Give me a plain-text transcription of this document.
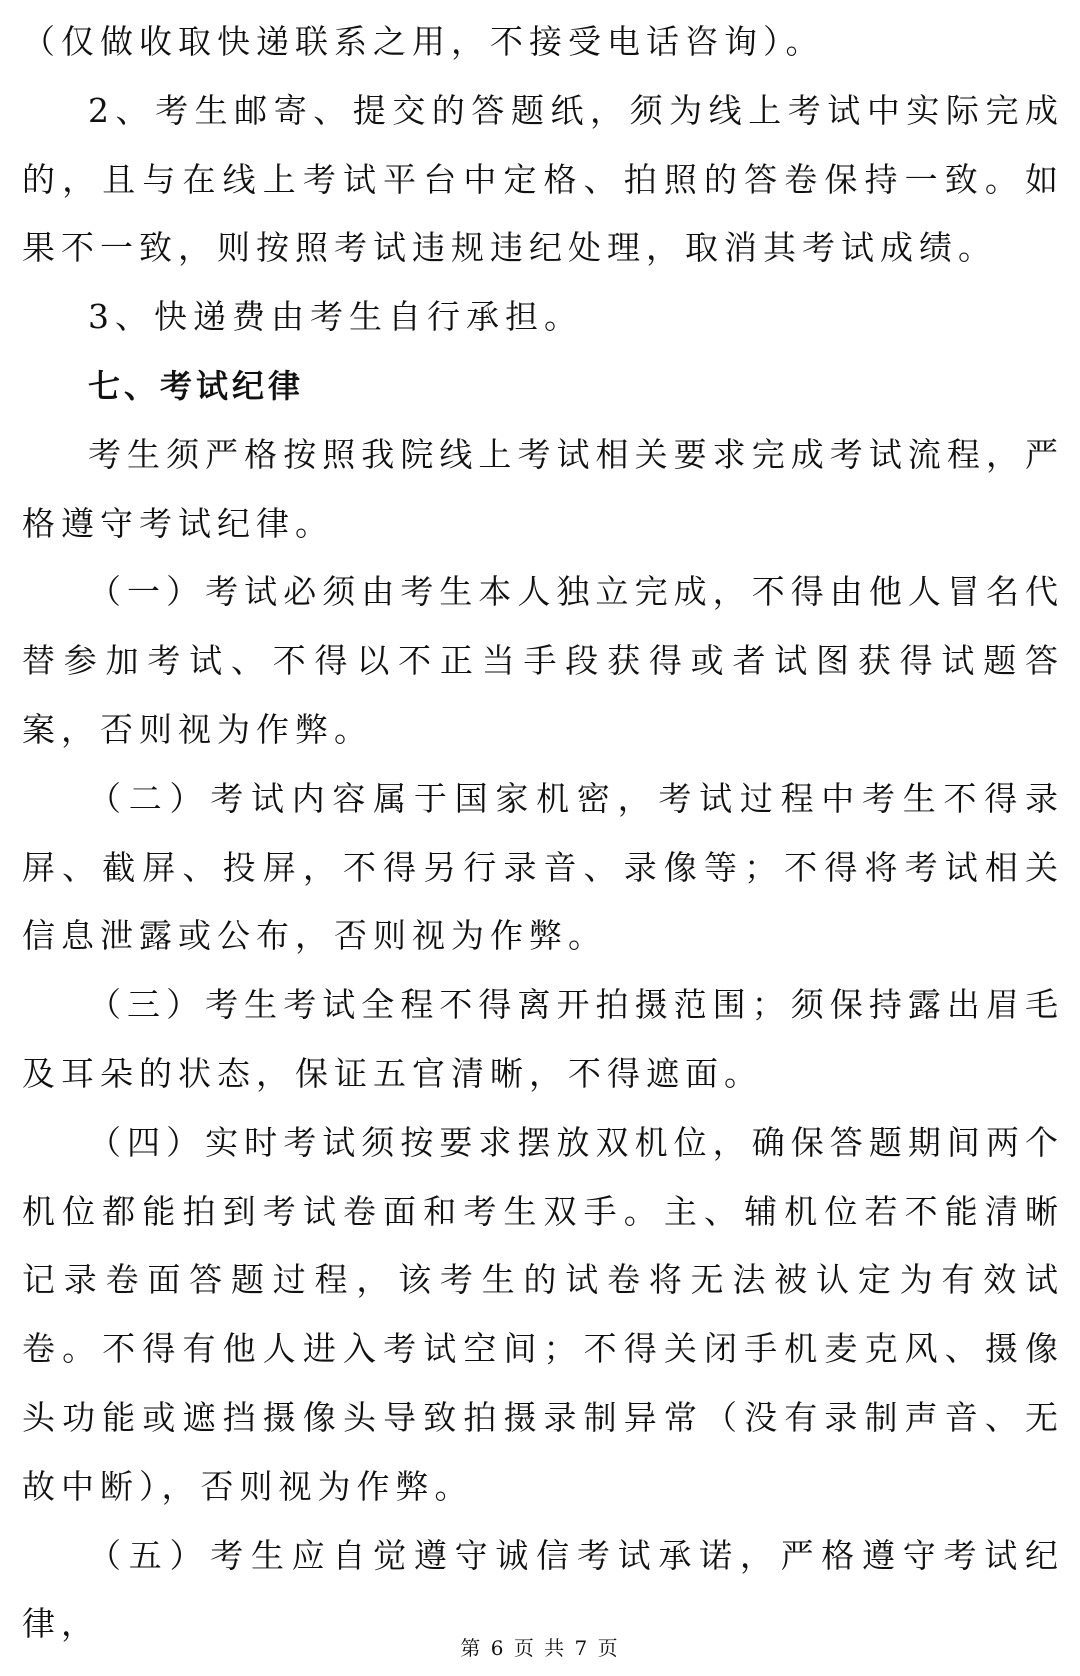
（仅做收取快递联系之用，不接受电话咨询）。

2、考生邮寄、提交的答题纸，须为线上考试中实际完成的，且与在线上考试平台中定格、拍照的答卷保持一致。如果不一致，则按照考试违规违纪处理，取消其考试成绩。

3、快递费由考生自行承担。

七、考试纪律

考生须严格按照我院线上考试相关要求完成考试流程，严格遵守考试纪律。

（一）考试必须由考生本人独立完成，不得由他人冒名代替参加考试、不得以不正当手段获得或者试图获得试题答案，否则视为作弊。

（二）考试内容属于国家机密，考试过程中考生不得录屏、截屏、投屏，不得另行录音、录像等；不得将考试相关信息泄露或公布，否则视为作弊。

（三）考生考试全程不得离开拍摄范围；须保持露出眉毛及耳朵的状态，保证五官清晰，不得遮面。

（四）实时考试须按要求摆放双机位，确保答题期间两个机位都能拍到考试卷面和考生双手。主、辅机位若不能清晰记录卷面答题过程，该考生的试卷将无法被认定为有效试卷。不得有他人进入考试空间；不得关闭手机麦克风、摄像头功能或遮挡摄像头导致拍摄录制异常（没有录制声音、无故中断），否则视为作弊。

（五）考生应自觉遵守诚信考试承诺，严格遵守考试纪律，

第 6 页 共 7 页
